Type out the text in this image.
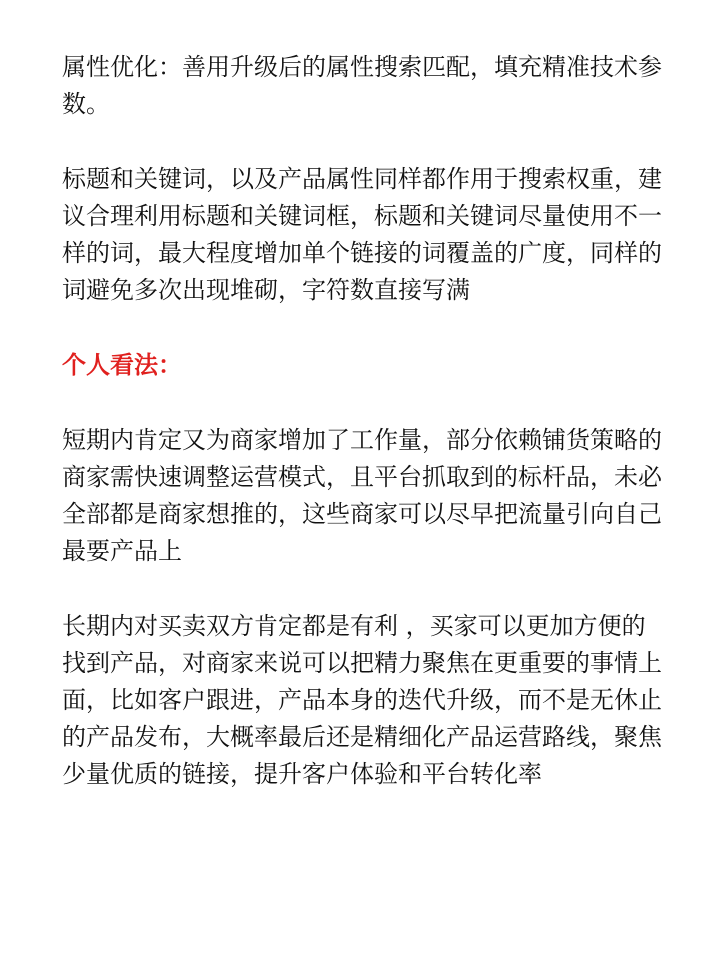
属性优化：善用升级后的属性搜索匹配，填充精准技术参数。

标题和关键词，以及产品属性同样都作用于搜索权重，建议合理利用标题和关键词框，标题和关键词尽量使用不一样的词，最大程度增加单个链接的词覆盖的广度，同样的词避免多次出现堆砌，字符数直接写满

个人看法：

短期内肯定又为商家增加了工作量，部分依赖铺货策略的商家需快速调整运营模式，且平台抓取到的标杆品，未必全部都是商家想推的，这些商家可以尽早把流量引向自己最要产品上

长期内对买卖双方肯定都是有利 ，买家可以更加方便的找到产品，对商家来说可以把精力聚焦在更重要的事情上面，比如客户跟进，产品本身的迭代升级，而不是无休止的产品发布，大概率最后还是精细化产品运营路线，聚焦少量优质的链接，提升客户体验和平台转化率
